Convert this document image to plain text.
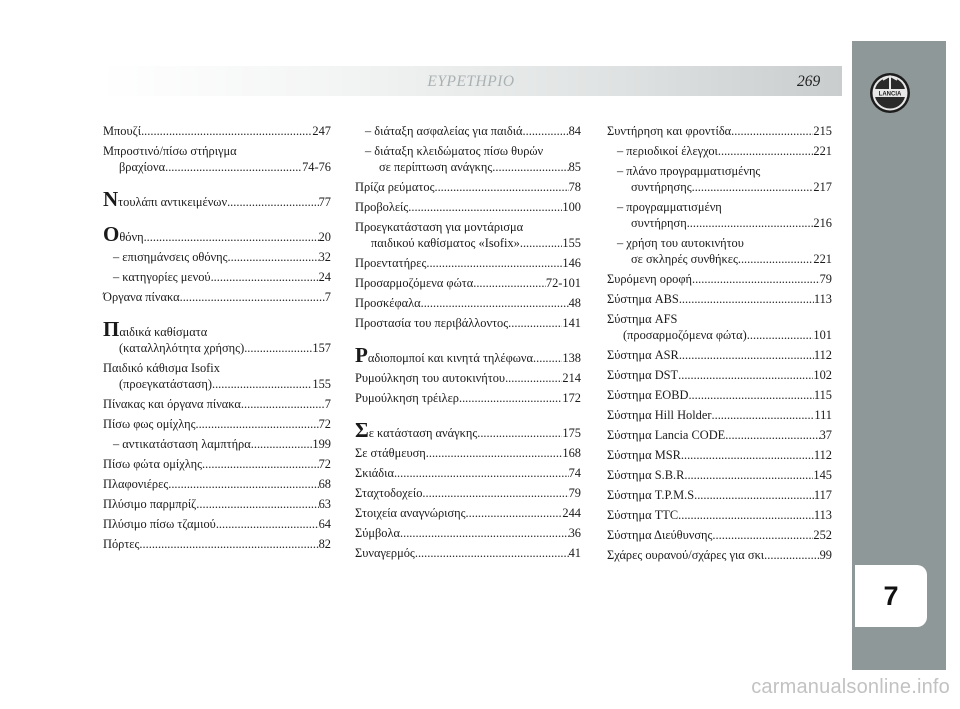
ΕΥΡΕΤΗΡΙΟ	269
LANCIA
7
Μπουζί .....	247
Μπροστινό/πίσω στήριγμα
βραχίονα .....	74-76
N τουλάπι αντικειμένων .....	77
O θόνη .....	20
– επισημάνσεις οθόνης .....	32
– κατηγορίες μενού .....	24
Όργανα πίνακα .....	7
Παιδικά καθίσματα
(καταλληλότητα χρήσης) .....	157
Παιδικό κάθισμα Isofix
(προεγκατάσταση) .....	155
Πίνακας και όργανα πίνακα .....	7
Πίσω φως ομίχλης .....	72
– αντικατάσταση λαμπτήρα .....	199
Πίσω φώτα ομίχλης .....	72
Πλαφονιέρες .....	68
Πλύσιμο παρμπρίζ .....	63
Πλύσιμο πίσω τζαμιού .....	64
Πόρτες .....	82
– διάταξη ασφαλείας για παιδιά .....	84
– διάταξη κλειδώματος πίσω θυρών
σε περίπτωση ανάγκης .....	85
Πρίζα ρεύματος .....	78
Προβολείς .....	100
Προεγκατάσταση για μοντάρισμα
παιδικού καθίσματος «Isofix» .....	155
Προεντατήρες .....	146
Προσαρμοζόμενα φώτα .....	72-101
Προσκέφαλα .....	48
Προστασία του περιβάλλοντος .....	141
P αδιοπομποί και κινητά τηλέφωνα ..... 138
Ρυμούλκηση του αυτοκινήτου .....	214
Ρυμούλκηση τρέιλερ .....	172
Σ ε κατάσταση ανάγκης .....	175
Σε στάθμευση .....	168
Σκιάδια .....	74
Σταχτοδοχείο .....	79
Στοιχεία αναγνώρισης .....	244
Σύμβολα .....	36
Συναγερμός .....	41
Συντήρηση και φροντίδα .....	215
– περιοδικοί έλεγχοι .....	221
– πλάνο προγραμματισμένης
συντήρησης .....	217
– προγραμματισμένη
συντήρηση .....	216
– χρήση του αυτοκινήτου
σε σκληρές συνθήκες .....	221
Συρόμενη οροφή .....	79
Σύστημα ABS .....	113
Σύστημα AFS
(προσαρμοζόμενα φώτα) .....	101
Σύστημα ASR .....	112
Σύστημα DST .....	102
Σύστημα EOBD .....	115
Σύστημα Hill Holder .....	111
Σύστημα Lancia CODE .....	37
Σύστημα MSR .....	112
Σύστημα S.B.R. .....	145
Σύστημα T.P.M.S. .....	117
Σύστημα TTC .....	113
Σύστημα Διεύθυνσης .....	252
Σχάρες ουρανού/σχάρες για σκι .....	99
carmanualsonline.info
